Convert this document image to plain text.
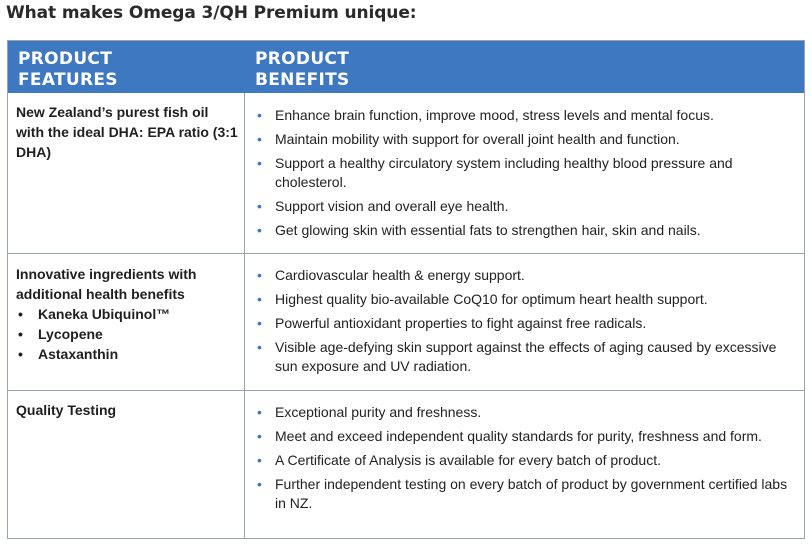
What makes Omega 3/QH Premium unique:
PRODUCT
FEATURES
PRODUCT
BENEFITS
New Zealand’s purest fish oil with the ideal DHA: EPA ratio (3:1 DHA)
• Enhance brain function, improve mood, stress levels and mental focus.
• Maintain mobility with support for overall joint health and function.
• Support a healthy circulatory system including healthy blood pressure and cholesterol.
• Support vision and overall eye health.
• Get glowing skin with essential fats to strengthen hair, skin and nails.
Innovative ingredients with additional health benefits
• Kaneka Ubiquinol™
• Lycopene
• Astaxanthin
• Cardiovascular health & energy support.
• Highest quality bio-available CoQ10 for optimum heart health support.
• Powerful antioxidant properties to fight against free radicals.
• Visible age-defying skin support against the effects of aging caused by excessive sun exposure and UV radiation.
Quality Testing
•	Exceptional purity and freshness.
• Meet and exceed independent quality standards for purity, freshness and form.
• A Certificate of Analysis is available for every batch of product.
• Further independent testing on every batch of product by government certified labs in NZ.
